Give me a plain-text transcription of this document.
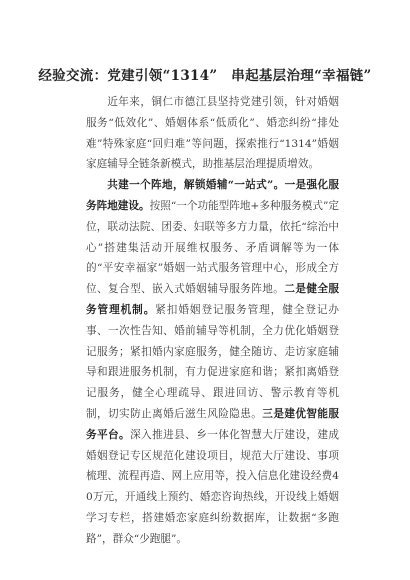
经验交流：党建引领“1314”　串起基层治理“幸福链”

近年来，铜仁市德江县坚持党建引领，针对婚姻服务“低效化”、婚姻体系“低质化”、婚恋纠纷“排处难”特殊家庭“回归难”等问题，探索推行“1314”婚姻家庭辅导全链条新模式，助推基层治理提质增效。

共建一个阵地，解锁婚辅“一站式”。一是强化服务阵地建设。按照“一个功能型阵地+多种服务模式”定位，联动法院、团委、妇联等多方力量，依托“综治中心”搭建集活动开展维权服务、矛盾调解等为一体的“平安幸福家”婚姻一站式服务管理中心，形成全方位、复合型、嵌入式婚姻辅导服务阵地。二是健全服务管理机制。紧扣婚姻登记服务管理，健全登记办事、一次性告知、婚前辅导等机制，全力优化婚姻登记服务；紧扣婚内家庭服务，健全随访、走访家庭辅导和跟进服务机制，有力促进家庭和谐；紧扣离婚登记服务，健全心理疏导、跟进回访、警示教育等机制，切实防止离婚后滋生风险隐患。三是建优智能服务平台。深入推进县、乡一体化智慧大厅建设，建成婚姻登记专区规范化建设项目，规范大厅建设、事项梳理、流程再造、网上应用等，投入信息化建设经费40万元，开通线上预约、婚恋咨询热线，开设线上婚姻学习专栏，搭建婚恋家庭纠纷数据库，让数据“多跑路”，群众“少跑腿”。
